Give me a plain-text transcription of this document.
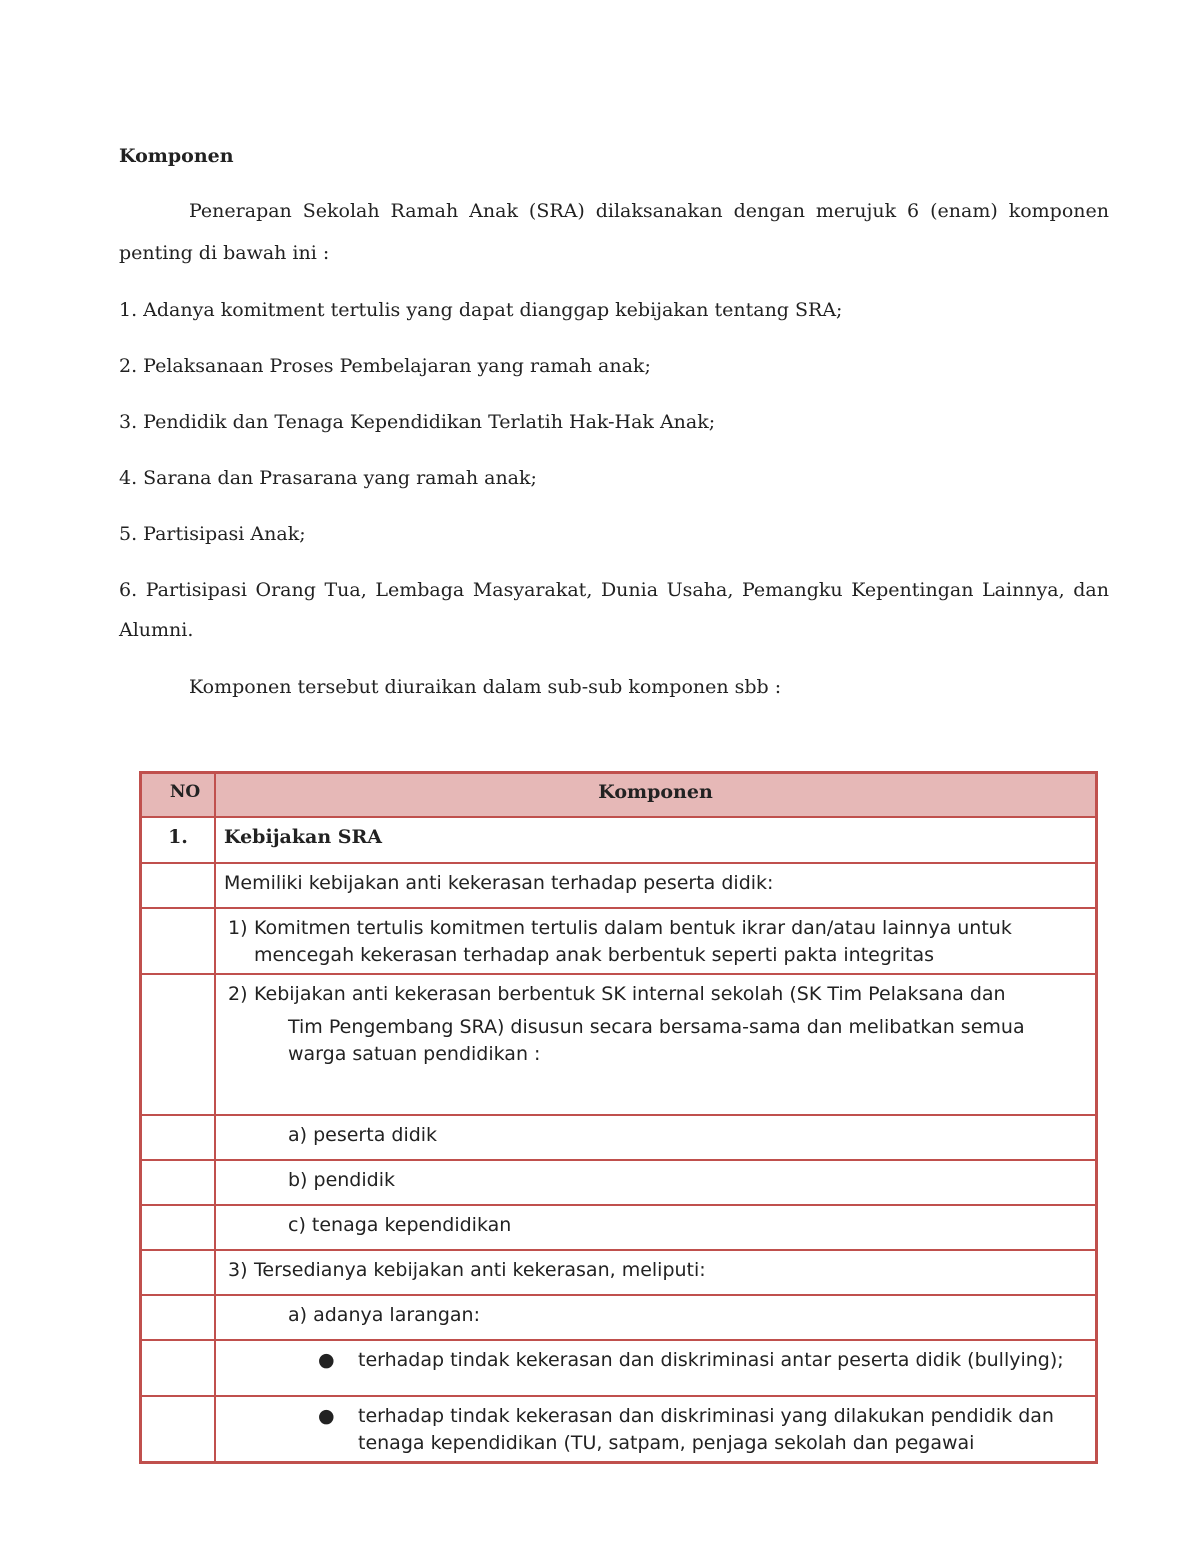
Komponen
Penerapan Sekolah Ramah Anak (SRA) dilaksanakan dengan merujuk 6 (enam) komponen penting di bawah ini :
1. Adanya komitment tertulis yang dapat dianggap kebijakan tentang SRA;
2. Pelaksanaan Proses Pembelajaran yang ramah anak;
3. Pendidik dan Tenaga Kependidikan Terlatih Hak-Hak Anak;
4. Sarana dan Prasarana yang ramah anak;
5. Partisipasi Anak;
6. Partisipasi Orang Tua, Lembaga Masyarakat, Dunia Usaha, Pemangku Kepentingan Lainnya, dan Alumni.
Komponen tersebut diuraikan dalam sub-sub komponen sbb :
NO	Komponen

1.	Kebijakan SRA

	Memiliki kebijakan anti kekerasan terhadap peserta didik:

	1) Komitmen tertulis komitmen tertulis dalam bentuk ikrar dan/atau lainnya untuk mencegah kekerasan terhadap anak berbentuk seperti pakta integritas

	2) Kebijakan anti kekerasan berbentuk SK internal sekolah (SK Tim Pelaksana dan
Tim Pengembang SRA) disusun secara bersama-sama dan melibatkan semua warga satuan pendidikan :

	a) peserta didik

	b) pendidik

	c) tenaga kependidikan

	3) Tersedianya kebijakan anti kekerasan, meliputi:

	a) adanya larangan:

	● terhadap tindak kekerasan dan diskriminasi antar peserta didik (bullying);

	● terhadap tindak kekerasan dan diskriminasi yang dilakukan pendidik dan tenaga kependidikan (TU, satpam, penjaga sekolah dan pegawai
